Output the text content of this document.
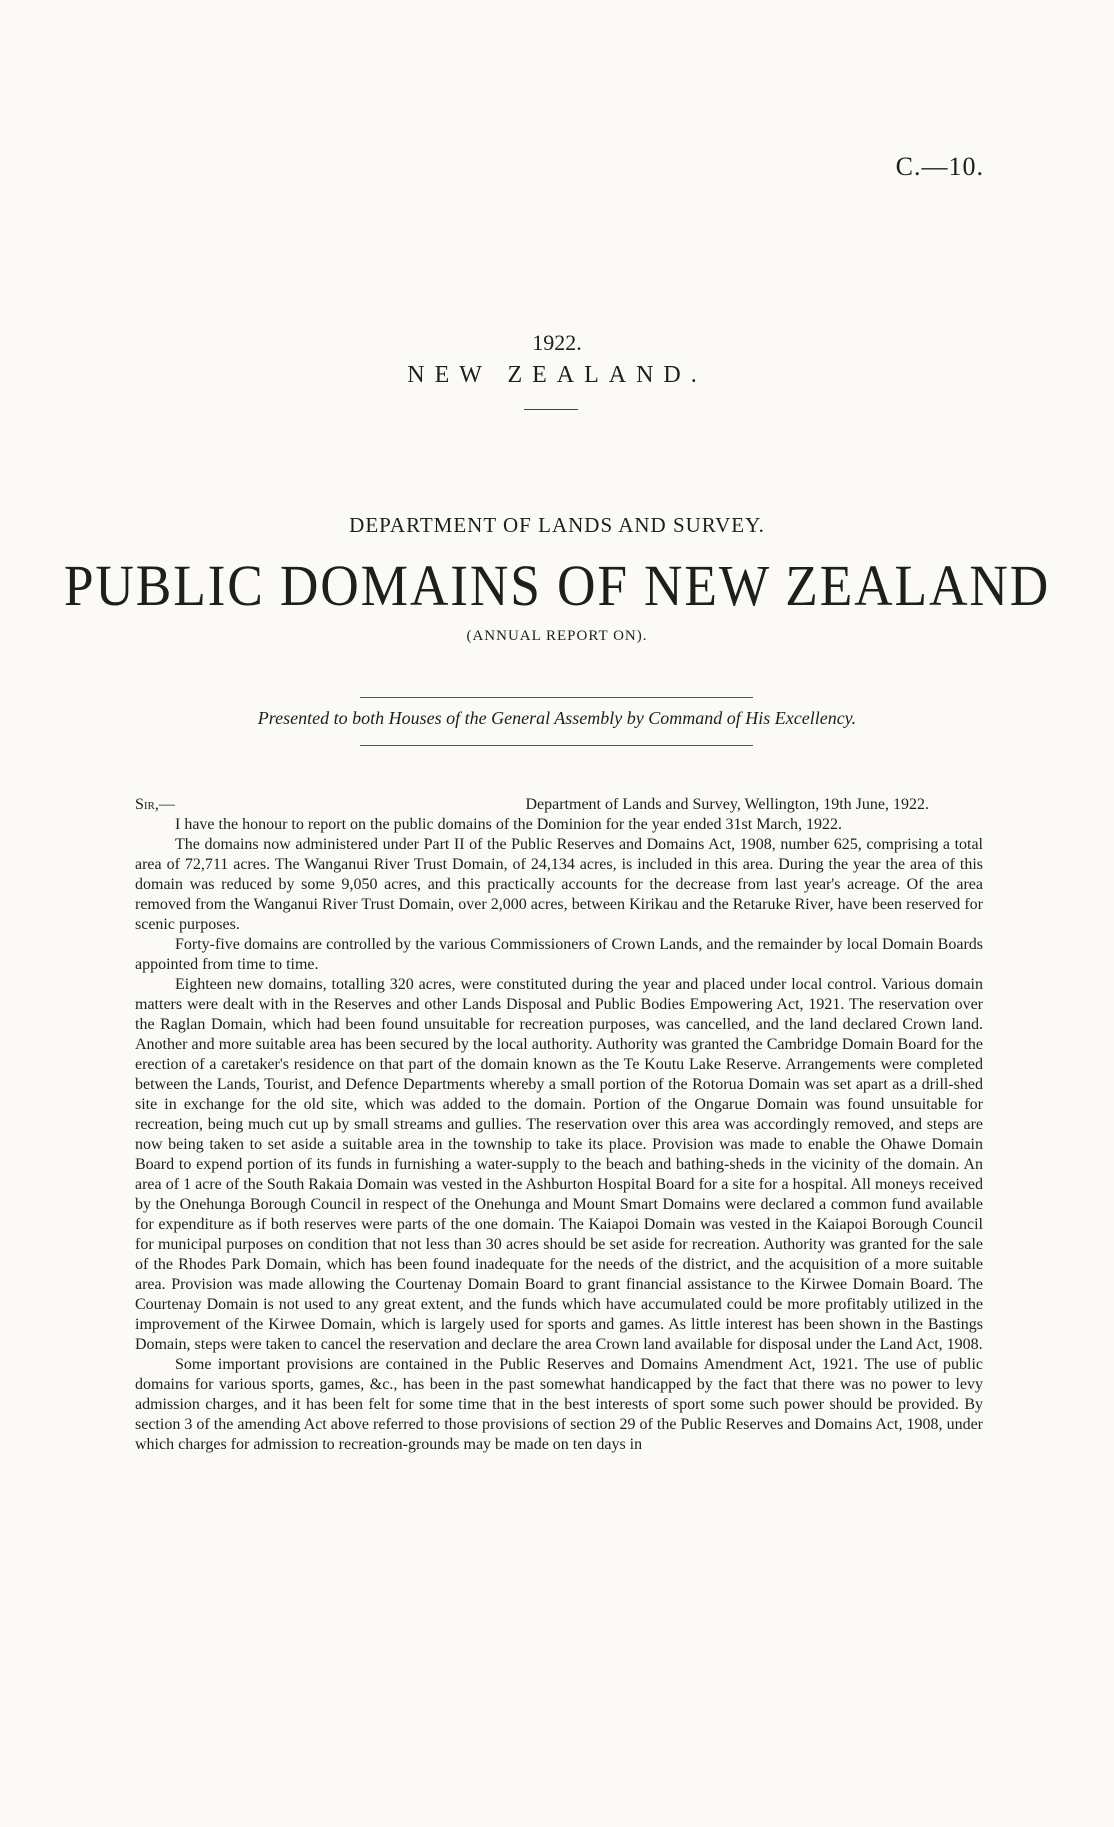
C.—10.
1922.
NEW ZEALAND.
DEPARTMENT OF LANDS AND SURVEY.
PUBLIC DOMAINS OF NEW ZEALAND
(ANNUAL REPORT ON).
Presented to both Houses of the General Assembly by Command of His Excellency.
Sir,—	Department of Lands and Survey, Wellington, 19th June, 1922.

I have the honour to report on the public domains of the Dominion for the year ended 31st March, 1922.

The domains now administered under Part II of the Public Reserves and Domains Act, 1908, number 625, comprising a total area of 72,711 acres. The Wanganui River Trust Domain, of 24,134 acres, is included in this area. During the year the area of this domain was reduced by some 9,050 acres, and this practically accounts for the decrease from last year's acreage. Of the area removed from the Wanganui River Trust Domain, over 2,000 acres, between Kirikau and the Retaruke River, have been reserved for scenic purposes.

Forty-five domains are controlled by the various Commissioners of Crown Lands, and the remainder by local Domain Boards appointed from time to time.

Eighteen new domains, totalling 320 acres, were constituted during the year and placed under local control. Various domain matters were dealt with in the Reserves and other Lands Disposal and Public Bodies Empowering Act, 1921. The reservation over the Raglan Domain, which had been found unsuitable for recreation purposes, was cancelled, and the land declared Crown land. Another and more suitable area has been secured by the local authority. Authority was granted the Cambridge Domain Board for the erection of a caretaker's residence on that part of the domain known as the Te Koutu Lake Reserve. Arrangements were completed between the Lands, Tourist, and Defence Departments whereby a small portion of the Rotorua Domain was set apart as a drill-shed site in exchange for the old site, which was added to the domain. Portion of the Ongarue Domain was found unsuitable for recreation, being much cut up by small streams and gullies. The reservation over this area was accordingly removed, and steps are now being taken to set aside a suitable area in the township to take its place. Provision was made to enable the Ohawe Domain Board to expend portion of its funds in furnishing a water-supply to the beach and bathing-sheds in the vicinity of the domain. An area of 1 acre of the South Rakaia Domain was vested in the Ashburton Hospital Board for a site for a hospital. All moneys received by the Onehunga Borough Council in respect of the Onehunga and Mount Smart Domains were declared a common fund available for expenditure as if both reserves were parts of the one domain. The Kaiapoi Domain was vested in the Kaiapoi Borough Council for municipal purposes on condition that not less than 30 acres should be set aside for recreation. Authority was granted for the sale of the Rhodes Park Domain, which has been found inadequate for the needs of the district, and the acquisition of a more suitable area. Provision was made allowing the Courtenay Domain Board to grant financial assistance to the Kirwee Domain Board. The Courtenay Domain is not used to any great extent, and the funds which have accumulated could be more profitably utilized in the improvement of the Kirwee Domain, which is largely used for sports and games. As little interest has been shown in the Bastings Domain, steps were taken to cancel the reservation and declare the area Crown land available for disposal under the Land Act, 1908.

Some important provisions are contained in the Public Reserves and Domains Amendment Act, 1921. The use of public domains for various sports, games, &c., has been in the past somewhat handicapped by the fact that there was no power to levy admission charges, and it has been felt for some time that in the best interests of sport some such power should be provided. By section 3 of the amending Act above referred to those provisions of section 29 of the Public Reserves and Domains Act, 1908, under which charges for admission to recreation-grounds may be made on ten days in
